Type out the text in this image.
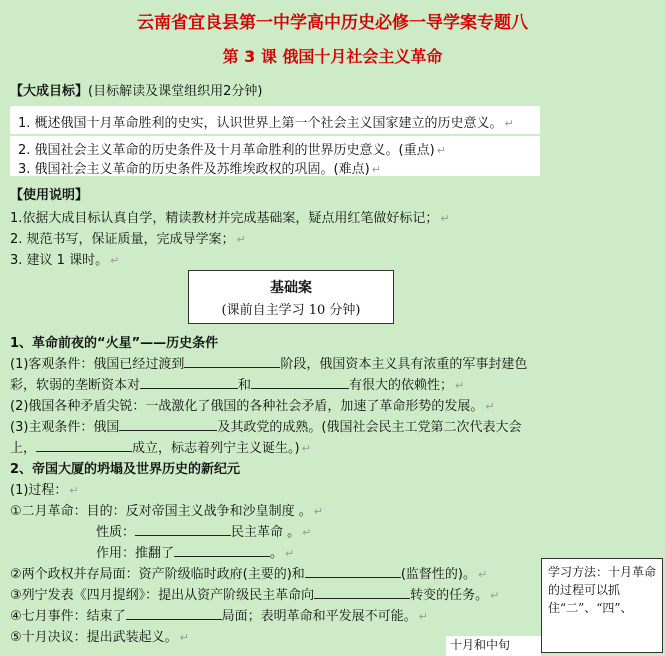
云南省宜良县第一中学高中历史必修一导学案专题八
第 3 课 俄国十月社会主义革命
【大成目标】(目标解读及课堂组织用2分钟)
1. 概述俄国十月革命胜利的史实，认识世界上第一个社会主义国家建立的历史意义。 ↵
2. 俄国社会主义革命的历史条件及十月革命胜利的世界历史意义。(重点) ↵
3. 俄国社会主义革命的历史条件及苏维埃政权的巩固。(难点) ↵
【使用说明】
1.依据大成目标认真自学，精读教材并完成基础案，疑点用红笔做好标记； ↵
2. 规范书写，保证质量，完成导学案； ↵
3. 建议 1 课时。 ↵
基础案
(课前自主学习 10 分钟)
1、革命前夜的“火星”——历史条件
(1)客观条件：俄国已经过渡到	阶段，俄国资本主义具有浓重的军事封建色
彩，软弱的垄断资本对	和	有很大的依赖性； ↵
(2)俄国各种矛盾尖锐：一战激化了俄国的各种社会矛盾，加速了革命形势的发展。 ↵
(3)主观条件：俄国	及其政党的成熟。(俄国社会民主工党第二次代表大会
上，	成立，标志着列宁主义诞生。) ↵
2、帝国大厦的坍塌及世界历史的新纪元
(1)过程： ↵
①二月革命：目的：反对帝国主义战争和沙皇制度 。 ↵
性质：	民主革命 。 ↵
作用：推翻了	。 ↵
②两个政权并存局面：资产阶级临时政府(主要的)和	(监督性的)。 ↵
③列宁发表《四月提纲》：提出从资产阶级民主革命向	转变的任务。 ↵
④七月事件：结束了	局面；表明革命和平发展不可能。 ↵
⑤十月决议：提出武装起义。 ↵
学习方法：十月革命的过程可以抓住“二”、“四”、
十月和中旬
